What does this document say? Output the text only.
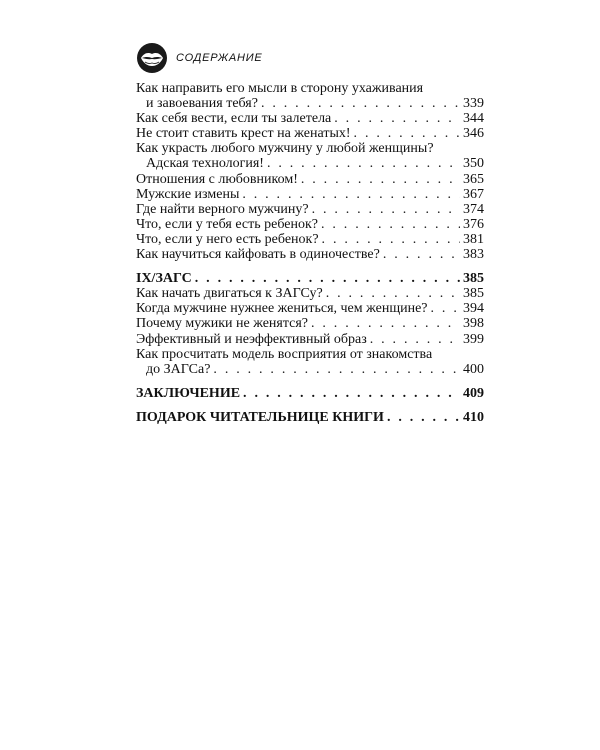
СОДЕРЖАНИЕ
Как направить его мысли в сторону ухаживания
и завоевания тебя? . . .	339
Как себя вести, если ты залетела . . .	344
Не стоит ставить крест на женатых! . . .	346
Как украсть любого мужчину у любой женщины?
Адская технология! . . .	350
Отношения с любовником! . . .	365
Мужские измены . . .	367
Где найти верного мужчину? . . .	374
Что, если у тебя есть ребенок? . . .	376
Что, если у него есть ребенок? . . .	381
Как научиться кайфовать в одиночестве? . . .	383
IX/ЗАГС . . .	385
Как начать двигаться к ЗАГСу? . . .	385
Когда мужчине нужнее жениться, чем женщине? . . .	394
Почему мужики не женятся? . . .	398
Эффективный и неэффективный образ . . .	399
Как просчитать модель восприятия от знакомства
до ЗАГСа? . . .	400
ЗАКЛЮЧЕНИЕ . . .	409
ПОДАРОК ЧИТАТЕЛЬНИЦЕ КНИГИ . . .	410
